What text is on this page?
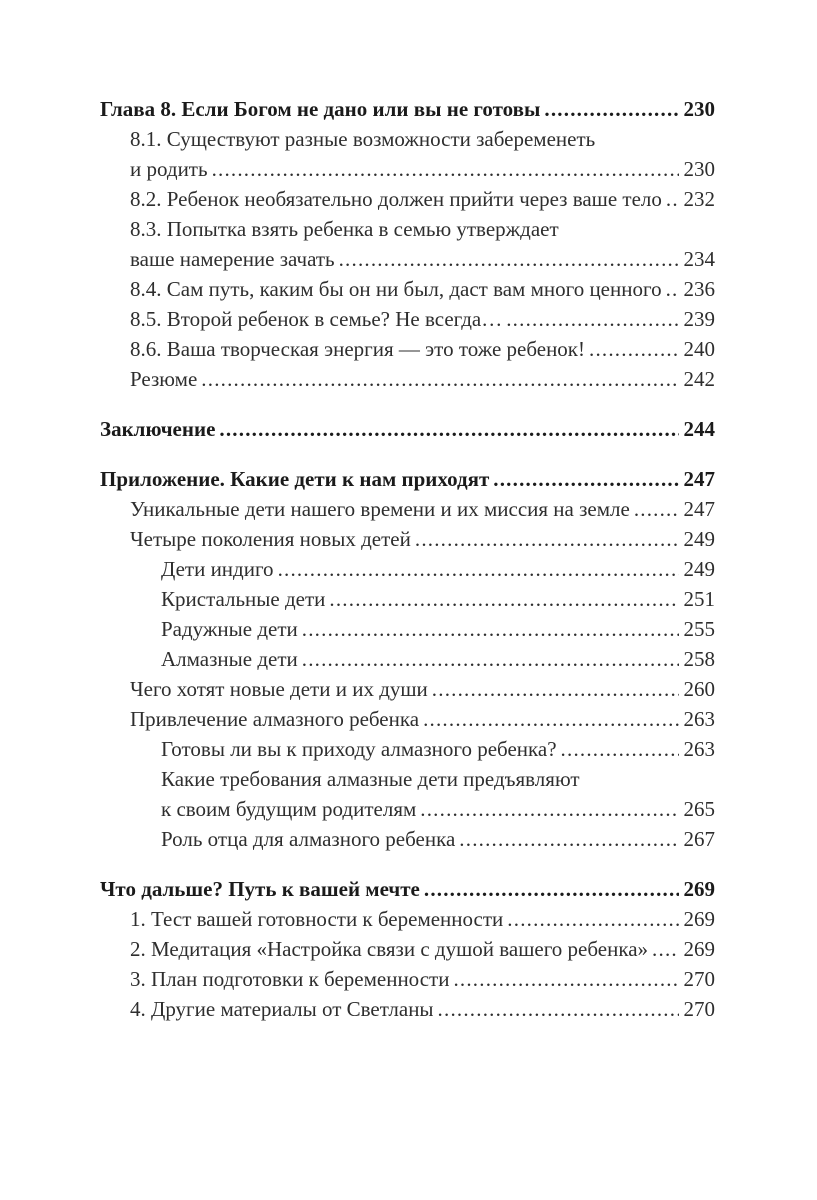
Глава 8. Если Богом не дано или вы не готовы .....	230
8.1. Существуют разные возможности забеременеть
и родить .....	230
8.2. Ребенок необязательно должен прийти через ваше тело ..... 232
8.3. Попытка взять ребенка в семью утверждает
ваше намерение зачать .....	234
8.4. Сам путь, каким бы он ни был, даст вам много ценного ..... 236
8.5. Второй ребенок в семье? Не всегда… .....	239
8.6. Ваша творческая энергия — это тоже ребенок! .....	240
Резюме .....	242
Заключение .....	244
Приложение. Какие дети к нам приходят .....	247
Уникальные дети нашего времени и их миссия на земле .....	247
Четыре поколения новых детей .....	249
Дети индиго .....	249
Кристальные дети .....	251
Радужные дети .....	255
Алмазные дети .....	258
Чего хотят новые дети и их души .....	260
Привлечение алмазного ребенка .....	263
Готовы ли вы к приходу алмазного ребенка? .....	263
Какие требования алмазные дети предъявляют
к своим будущим родителям .....	265
Роль отца для алмазного ребенка .....	267
Что дальше? Путь к вашей мечте .....	269
1. Тест вашей готовности к беременности .....	269
2. Медитация «Настройка связи с душой вашего ребенка» ..... 269
3. План подготовки к беременности .....	270
4. Другие материалы от Светланы .....	270
